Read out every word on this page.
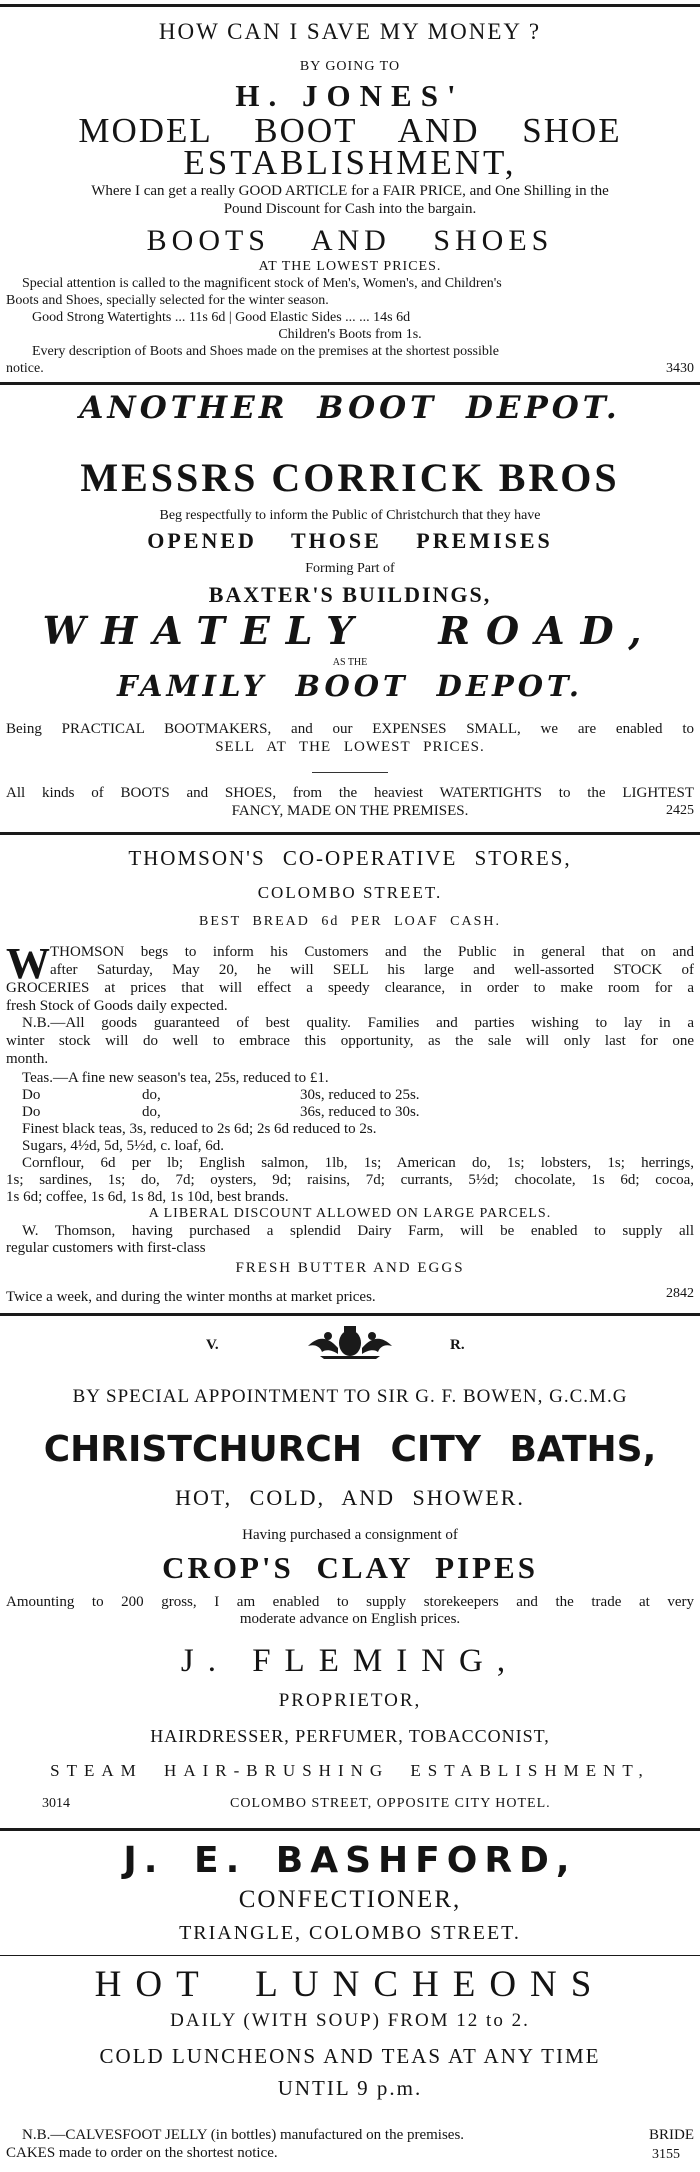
HOW CAN I SAVE MY MONEY ?
BY GOING TO
H. JONES'
MODEL BOOT AND SHOE
ESTABLISHMENT,
Where I can get a really GOOD ARTICLE for a FAIR PRICE, and One Shilling in the
Pound Discount for Cash into the bargain.
BOOTS AND SHOES
AT THE LOWEST PRICES.
Special attention is called to the magnificent stock of Men's, Women's, and Children's
Boots and Shoes, specially selected for the winter season.
Good Strong Watertights ... 11s 6d | Good Elastic Sides ... ... 14s 6d
Children's Boots from 1s.
Every description of Boots and Shoes made on the premises at the shortest possible
notice.	3430
ANOTHER BOOT DEPOT.
MESSRS CORRICK BROS
Beg respectfully to inform the Public of Christchurch that they have
OPENED THOSE PREMISES
Forming Part of
BAXTER'S BUILDINGS,
WHATELY ROAD,
AS THE
FAMILY BOOT DEPOT.
Being PRACTICAL BOOTMAKERS, and our EXPENSES SMALL, we are enabled to
SELL AT THE LOWEST PRICES.
All kinds of BOOTS and SHOES, from the heaviest WATERTIGHTS to the LIGHTEST
FANCY, MADE ON THE PREMISES.	2425
THOMSON'S CO-OPERATIVE STORES,
COLOMBO STREET.
BEST BREAD 6d PER LOAF CASH.
W THOMSON begs to inform his Customers and the Public in general that on and
after Saturday, May 20, he will SELL his large and well-assorted STOCK of
GROCERIES at prices that will effect a speedy clearance, in order to make room for a
fresh Stock of Goods daily expected.
N.B.—All goods guaranteed of best quality. Families and parties wishing to lay in a
winter stock will do well to embrace this opportunity, as the sale will only last for one
month.
Teas.—A fine new season's tea, 25s, reduced to £1.
Do	do,	30s, reduced to 25s.
Do	do,	36s, reduced to 30s.
Finest black teas, 3s, reduced to 2s 6d; 2s 6d reduced to 2s.
Sugars, 4½d, 5d, 5½d, c. loaf, 6d.
Cornflour, 6d per lb; English salmon, 1lb, 1s; American do, 1s; lobsters, 1s; herrings,
1s; sardines, 1s; do, 7d; oysters, 9d; raisins, 7d; currants, 5½d; chocolate, 1s 6d; cocoa,
1s 6d; coffee, 1s 6d, 1s 8d, 1s 10d, best brands.
A LIBERAL DISCOUNT ALLOWED ON LARGE PARCELS.
W. Thomson, having purchased a splendid Dairy Farm, will be enabled to supply all
regular customers with first-class
FRESH BUTTER AND EGGS
Twice a week, and during the winter months at market prices.	2842
V.	R.
BY SPECIAL APPOINTMENT TO SIR G. F. BOWEN, G.C.M.G
CHRISTCHURCH CITY BATHS,
HOT, COLD, AND SHOWER.
Having purchased a consignment of
CROP'S CLAY PIPES
Amounting to 200 gross, I am enabled to supply storekeepers and the trade at very
moderate advance on English prices.
J. FLEMING,
PROPRIETOR,
HAIRDRESSER, PERFUMER, TOBACCONIST,
STEAM HAIR-BRUSHING ESTABLISHMENT,
3014	COLOMBO STREET, OPPOSITE CITY HOTEL.
J. E. BASHFORD,
CONFECTIONER,
TRIANGLE, COLOMBO STREET.
HOT LUNCHEONS
DAILY (WITH SOUP) FROM 12 to 2.
COLD LUNCHEONS AND TEAS AT ANY TIME
UNTIL 9 p.m.
N.B.—CALVESFOOT JELLY (in bottles) manufactured on the premises.	BRIDE
CAKES made to order on the shortest notice.	3155
